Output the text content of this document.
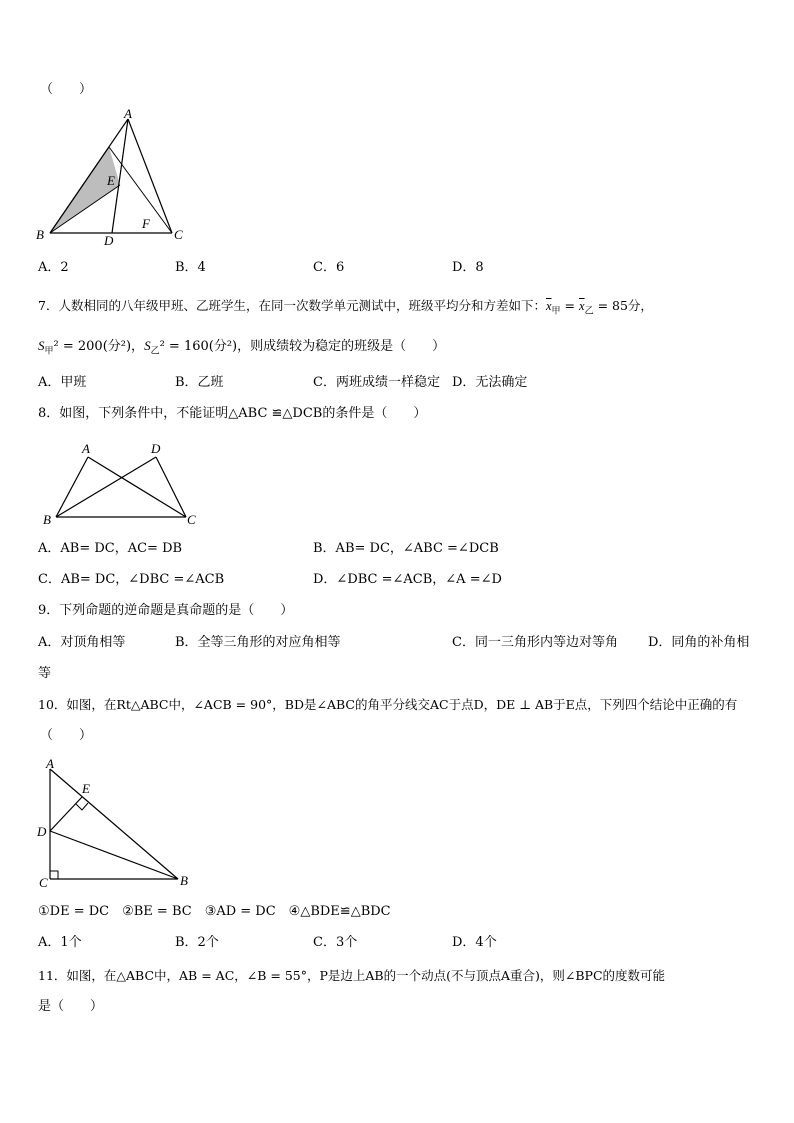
（　　）
A
E
F
B	D	C
A．2	B．4	C．6	D．8
7．人数相同的八年级甲班、乙班学生，在同一次数学单元测试中，班级平均分和方差如下：$\overline{x}_甲 = \overline{x}_乙 = 85$分，
$S_甲^2 = 200$(分²)，$S_乙^2 = 160$(分²)，则成绩较为稳定的班级是（　　）
A．甲班	B．乙班	C．两班成绩一样稳定 D．无法确定
8．如图，下列条件中，不能证明△ABC ≌△DCB的条件是（　　）
A	D
B	C
A．AB= DC，AC= DB	B．AB= DC，∠ABC =∠DCB
C．AB= DC，∠DBC =∠ACB	D．∠DBC =∠ACB，∠A =∠D
9．下列命题的逆命题是真命题的是（　　）
A．对顶角相等	B．全等三角形的对应角相等	C．同一三角形内等边对等角 D．同角的补角相
等
10．如图，在Rt△ABC中，∠ACB = 90°，BD是∠ABC的角平分线交AC于点D，DE ⊥ AB于E点，下列四个结论中正确的有
（　　）
A
E
D
C	B
①DE = DC　②BE = BC　③AD = DC　④△BDE≌△BDC
A．1个	B．2个	C．3个	D．4个
11．如图，在△ABC中，AB = AC，∠B = 55°，P是边上AB的一个动点(不与顶点A重合)，则∠BPC的度数可能
是（　　）
